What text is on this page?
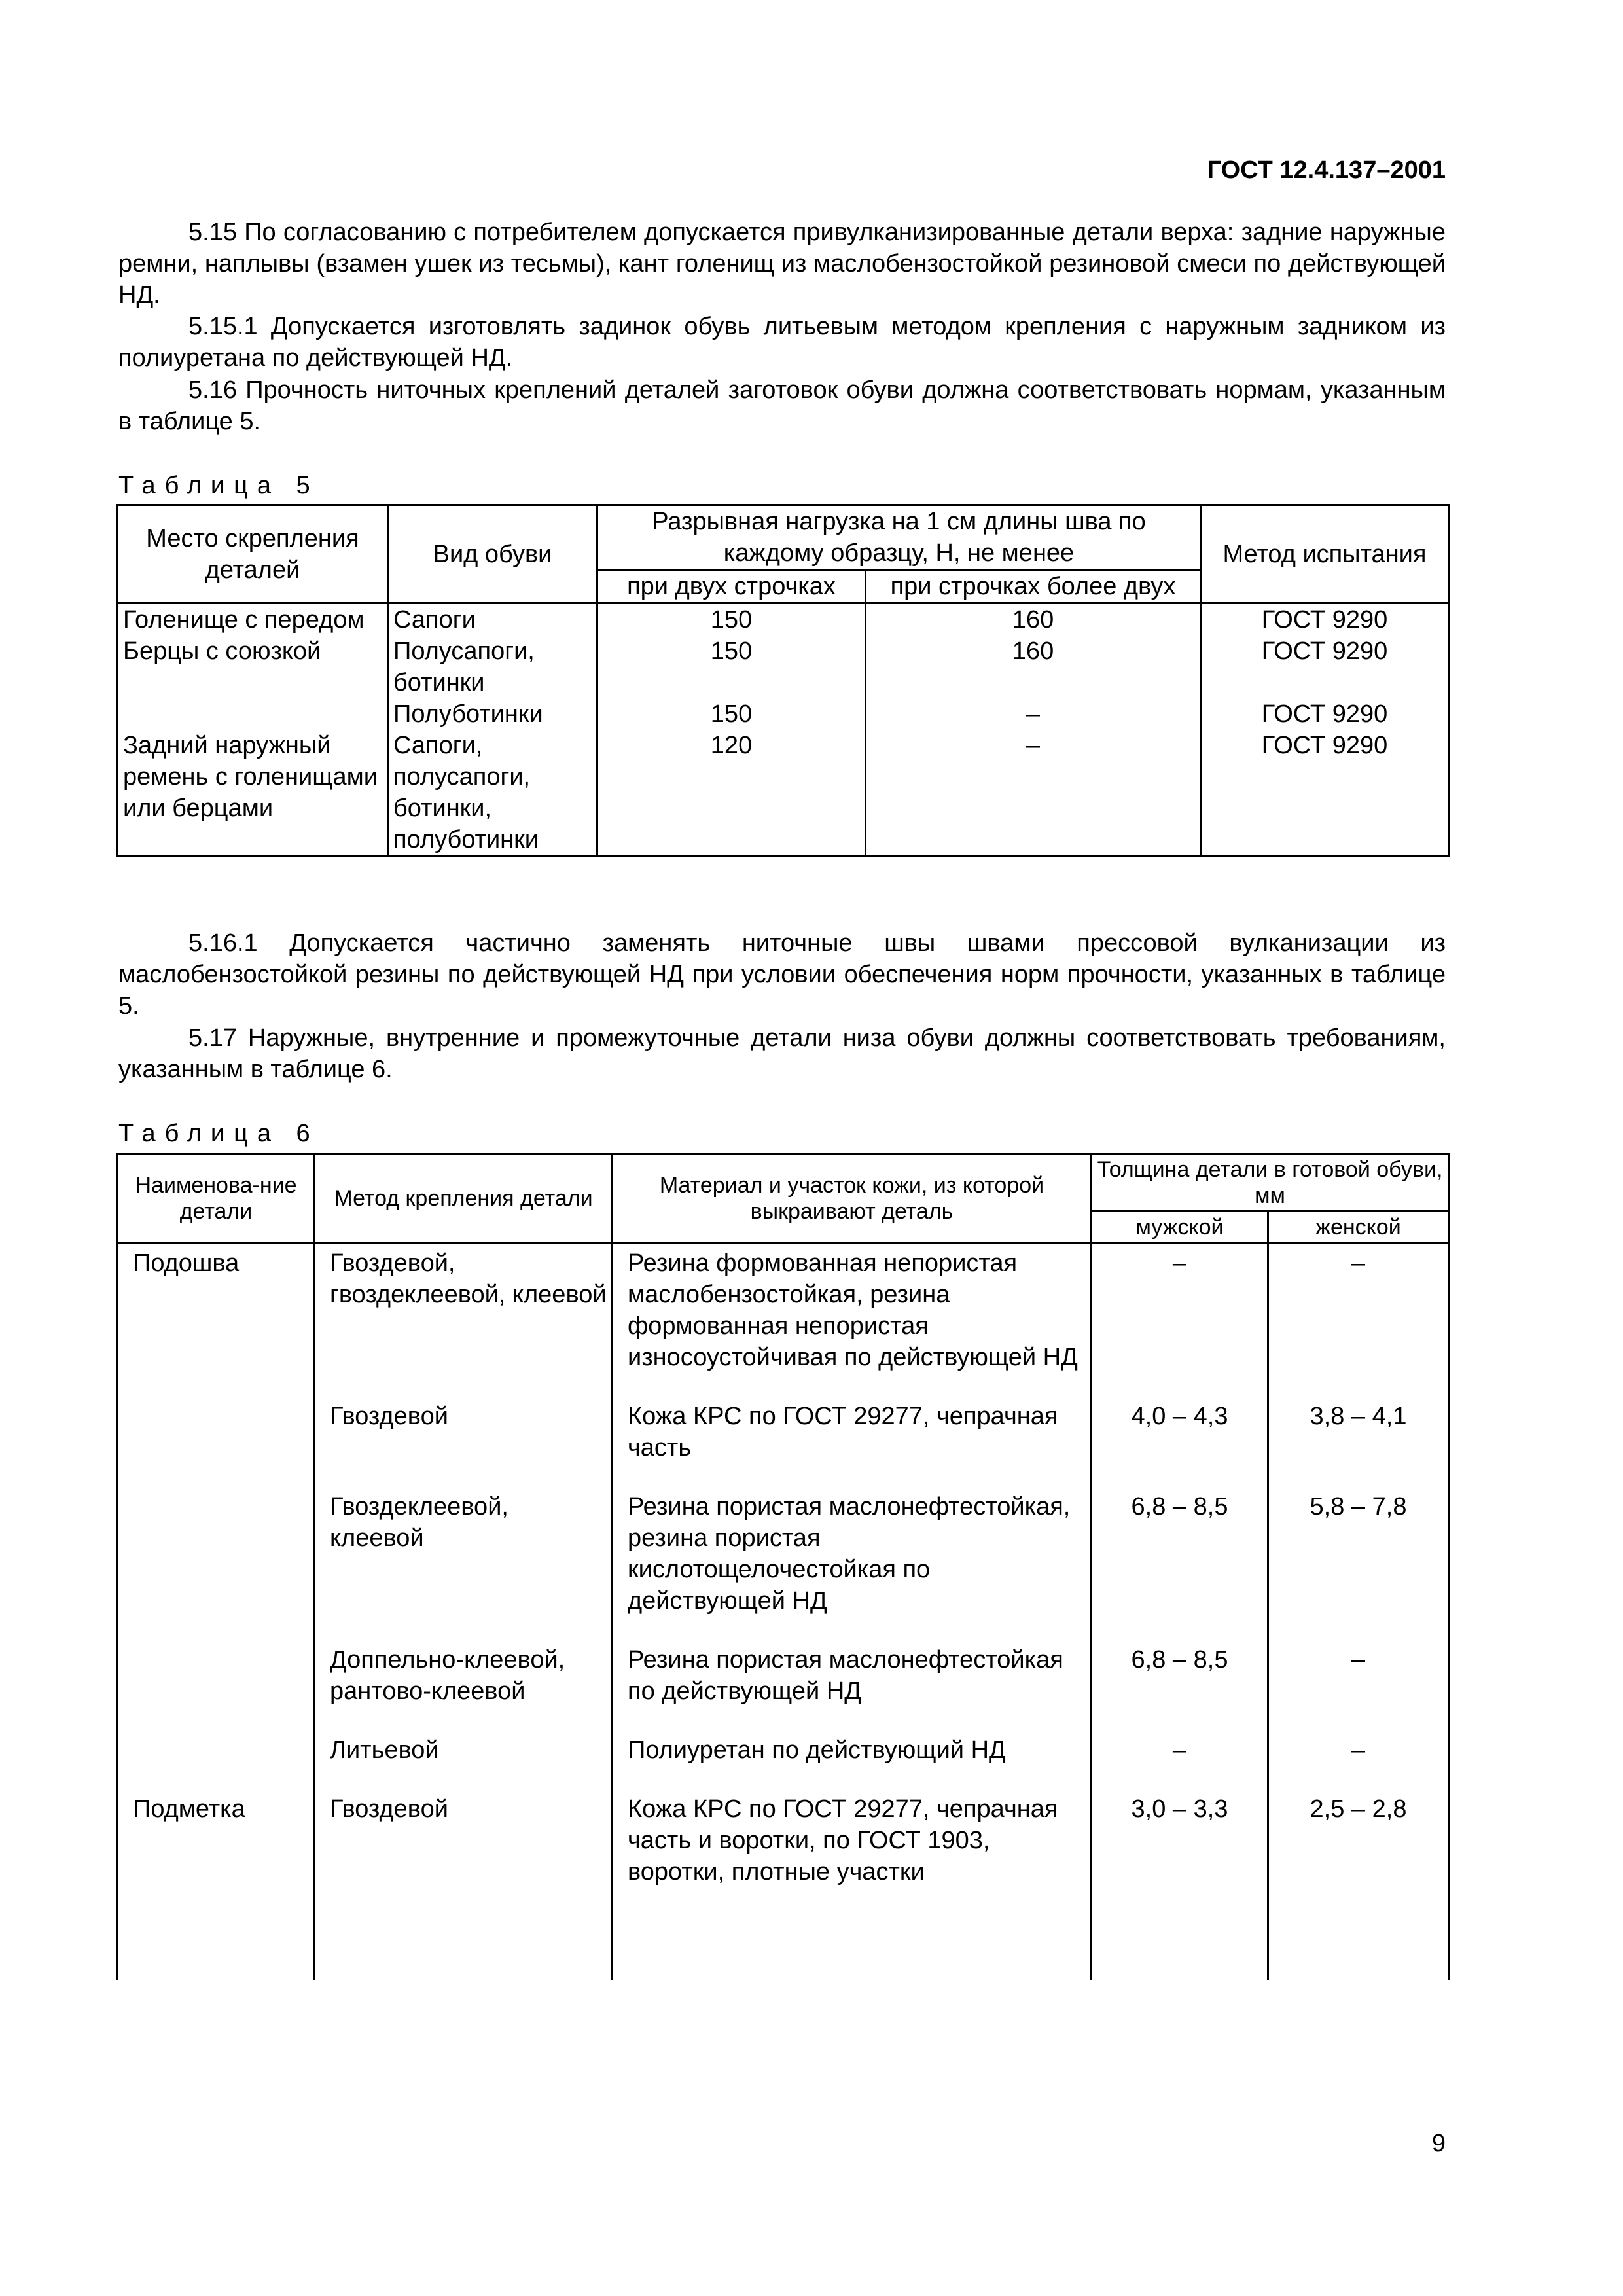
ГОСТ 12.4.137–2001
5.15 По согласованию с потребителем допускается привулканизированные детали верха: задние наружные ремни, наплывы (взамен ушек из тесьмы), кант голенищ из маслобензостойкой резиновой смеси по действующей НД.
5.15.1 Допускается изготовлять задинок обувь литьевым методом крепления с наружным задником из полиуретана по действующей НД.
5.16 Прочность ниточных креплений деталей заготовок обуви должна соответствовать нормам, указанным в таблице 5.
Таблица 5
Место скрепления деталей	Вид обуви	Разрывная нагрузка на 1 см длины шва по каждому образцу, Н, не менее		Метод испытания
		при двух строчках	при строчках более двух	
Голенище с передом	Сапоги	150	160	ГОСТ 9290
Берцы с союзкой	Полусапоги, ботинки	150	160	ГОСТ 9290
	Полуботинки	150	–	ГОСТ 9290
Задний наружный ремень с голенищами или берцами	Сапоги, полусапоги, ботинки, полуботинки	120	–	ГОСТ 9290
5.16.1 Допускается частично заменять ниточные швы швами прессовой вулканизации из маслобензостойкой резины по действующей НД при условии обеспечения норм прочности, указанных в таблице 5.
5.17 Наружные, внутренние и промежуточные детали низа обуви должны соответствовать требованиям, указанным в таблице 6.
Таблица 6
Наименова-ние детали	Метод крепления детали	Материал и участок кожи, из которой выкраивают деталь	Толщина детали в готовой обуви, мм	
			мужской	женской
Подошва	Гвоздевой, гвоздеклеевой, клеевой	Резина формованная непористая маслобензостойкая, резина формованная непористая износоустойчивая по действующей НД	–	–
	Гвоздевой	Кожа КРС по ГОСТ 29277, чепрачная часть	4,0 – 4,3	3,8 – 4,1
	Гвоздеклеевой, клеевой	Резина пористая маслонефтестойкая, резина пористая кислотощелочестойкая по действующей НД	6,8 – 8,5	5,8 – 7,8
	Доппельно-клеевой, рантово-клеевой	Резина пористая маслонефтестойкая по действующей НД	6,8 – 8,5	–
	Литьевой	Полиуретан по действующий НД	–	–
Подметка	Гвоздевой	Кожа КРС по ГОСТ 29277, чепрачная часть и воротки, по ГОСТ 1903, воротки, плотные участки	3,0 – 3,3	2,5 – 2,8
9
